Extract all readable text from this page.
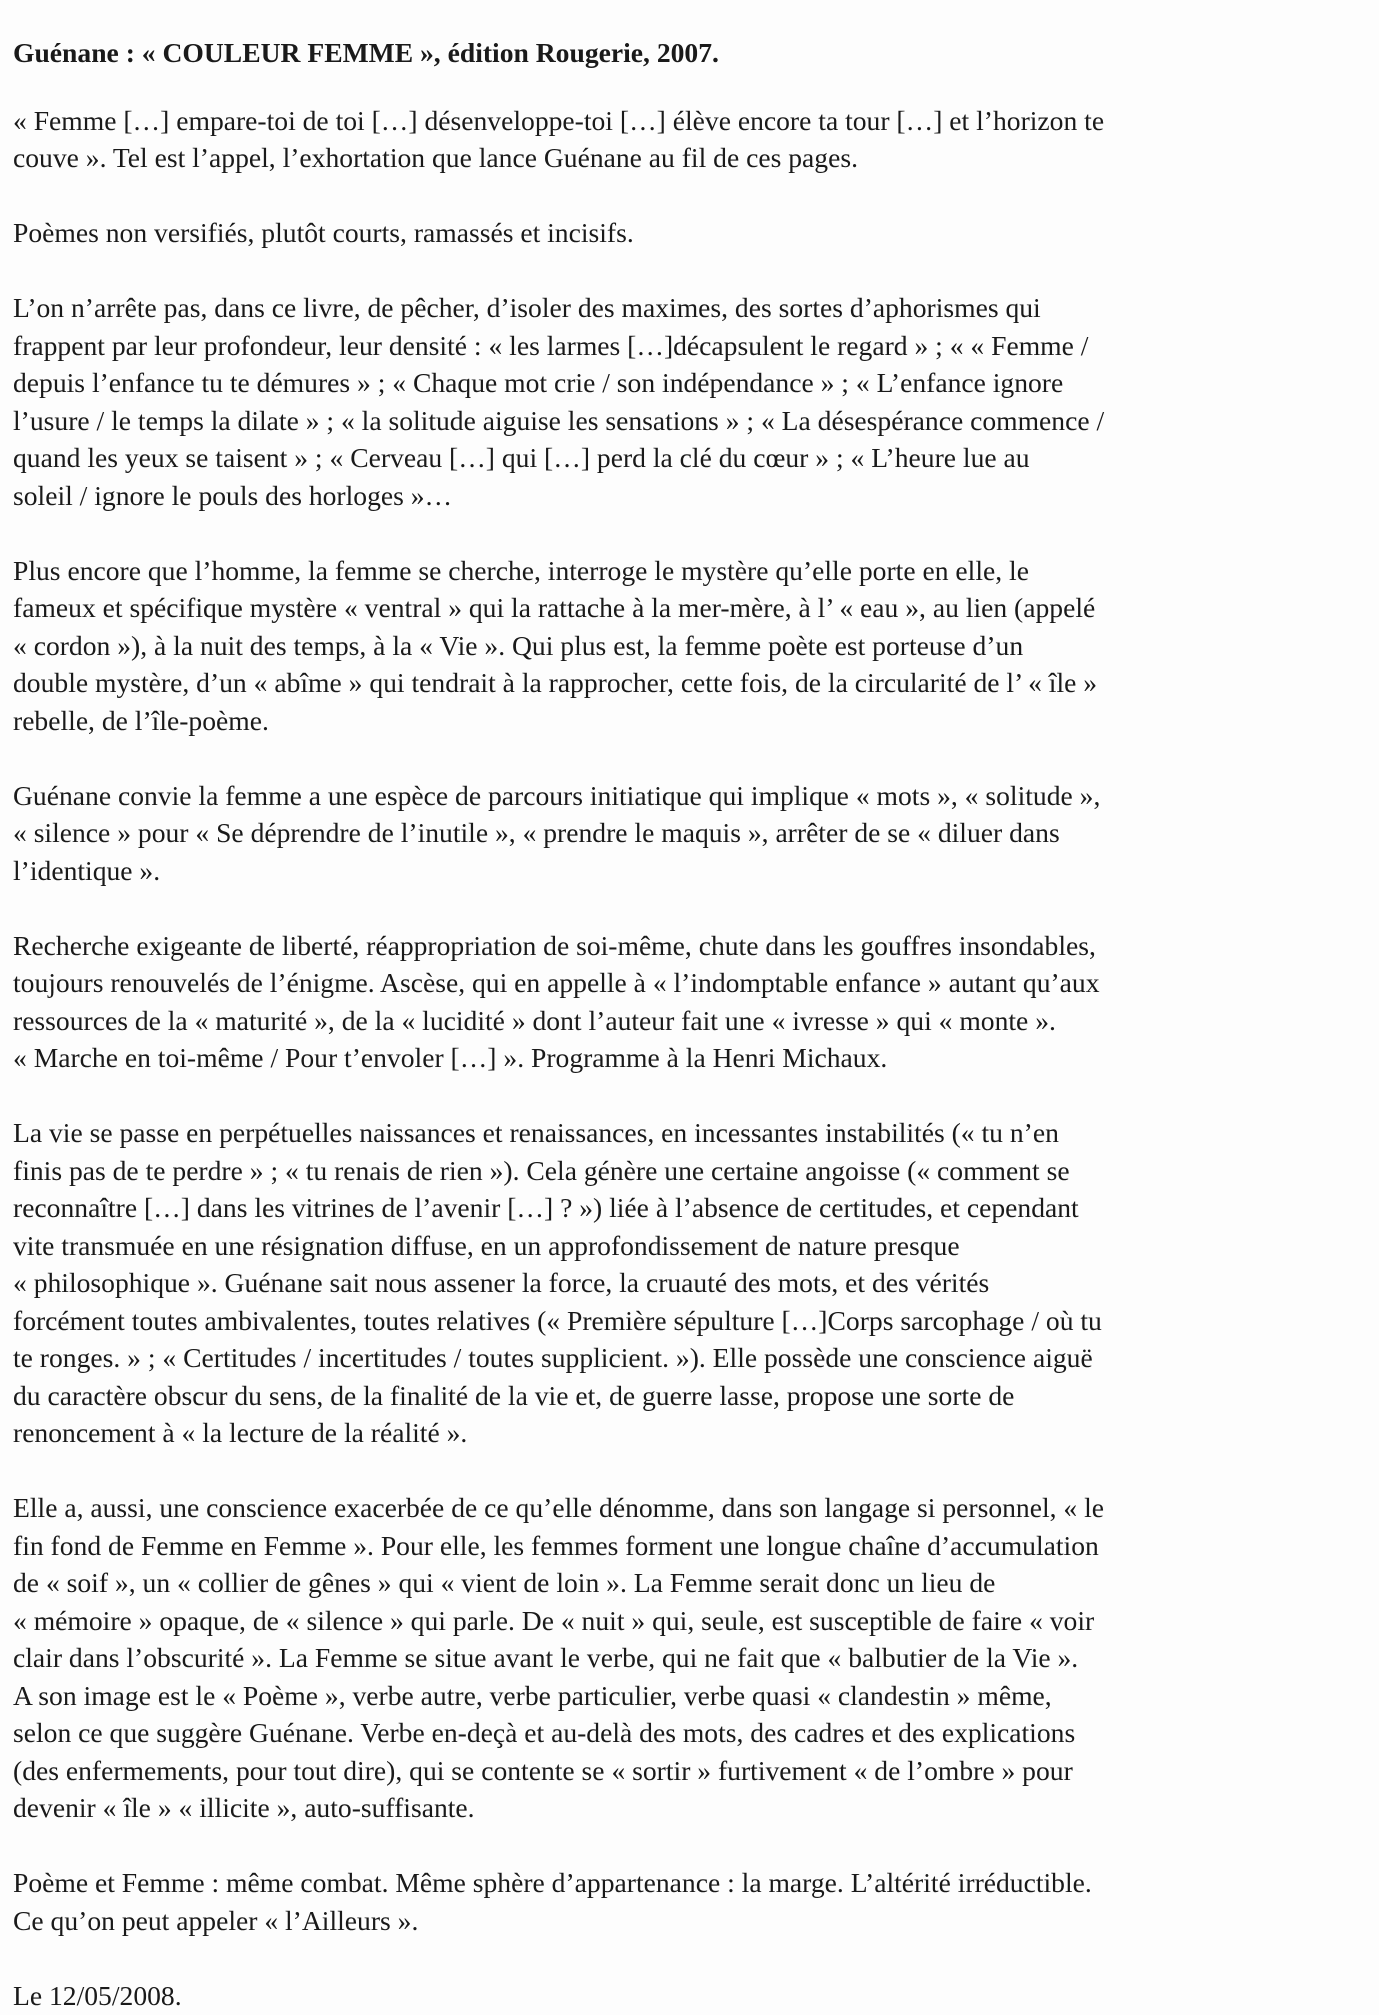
Guénane : « COULEUR FEMME », édition Rougerie, 2007.
« Femme […] empare-toi de toi […] désenveloppe-toi […] élève encore ta tour […] et l’horizon te
couve ». Tel est l’appel, l’exhortation que lance Guénane au fil de ces pages.
Poèmes non versifiés, plutôt courts, ramassés et incisifs.
L’on n’arrête pas, dans ce livre, de pêcher, d’isoler des maximes, des sortes d’aphorismes qui
frappent par leur profondeur, leur densité : « les larmes […]décapsulent le regard » ; « « Femme /
depuis l’enfance tu te démures » ; « Chaque mot crie / son indépendance » ; « L’enfance ignore
l’usure / le temps la dilate » ; « la solitude aiguise les sensations » ; « La désespérance commence /
quand les yeux se taisent » ; « Cerveau […] qui […] perd la clé du cœur » ; « L’heure lue au
soleil / ignore le pouls des horloges »…
Plus encore que l’homme, la femme se cherche, interroge le mystère qu’elle porte en elle, le
fameux et spécifique mystère « ventral » qui la rattache à la mer-mère, à l’ « eau », au lien (appelé
« cordon »), à la nuit des temps, à la « Vie ». Qui plus est, la femme poète est porteuse d’un
double mystère, d’un « abîme » qui tendrait à la rapprocher, cette fois, de la circularité de l’ « île »
rebelle, de l’île-poème.
Guénane convie la femme a une espèce de parcours initiatique qui implique « mots », « solitude »,
« silence » pour « Se déprendre de l’inutile », « prendre le maquis », arrêter de se « diluer dans
l’identique ».
Recherche exigeante de liberté, réappropriation de soi-même, chute dans les gouffres insondables,
toujours renouvelés de l’énigme. Ascèse, qui en appelle à « l’indomptable enfance » autant qu’aux
ressources de la « maturité », de la « lucidité » dont l’auteur fait une « ivresse » qui « monte ».
« Marche en toi-même / Pour t’envoler […] ». Programme à la Henri Michaux.
La vie se passe en perpétuelles naissances et renaissances, en incessantes instabilités (« tu n’en
finis pas de te perdre » ; « tu renais de rien »). Cela génère une certaine angoisse (« comment se
reconnaître […] dans les vitrines de l’avenir […] ? ») liée à l’absence de certitudes, et cependant
vite transmuée en une résignation diffuse, en un approfondissement de nature presque
« philosophique ». Guénane sait nous assener la force, la cruauté des mots, et des vérités
forcément toutes ambivalentes, toutes relatives (« Première sépulture […]Corps sarcophage / où tu
te ronges. » ; « Certitudes / incertitudes / toutes supplicient. »). Elle possède une conscience aiguë
du caractère obscur du sens, de la finalité de la vie et, de guerre lasse, propose une sorte de
renoncement à « la lecture de la réalité ».
Elle a, aussi, une conscience exacerbée de ce qu’elle dénomme, dans son langage si personnel, « le
fin fond de Femme en Femme ». Pour elle, les femmes forment une longue chaîne d’accumulation
de « soif », un « collier de gênes » qui « vient de loin ». La Femme serait donc un lieu de
« mémoire » opaque, de « silence » qui parle. De « nuit » qui, seule, est susceptible de faire « voir
clair dans l’obscurité ». La Femme se situe avant le verbe, qui ne fait que « balbutier de la Vie ».
A son image est le « Poème », verbe autre, verbe particulier, verbe quasi « clandestin » même,
selon ce que suggère Guénane. Verbe en-deçà et au-delà des mots, des cadres et des explications
(des enfermements, pour tout dire), qui se contente se « sortir » furtivement « de l’ombre » pour
devenir « île » « illicite », auto-suffisante.
Poème et Femme : même combat. Même sphère d’appartenance : la marge. L’altérité irréductible.
Ce qu’on peut appeler « l’Ailleurs ».
Le 12/05/2008.
